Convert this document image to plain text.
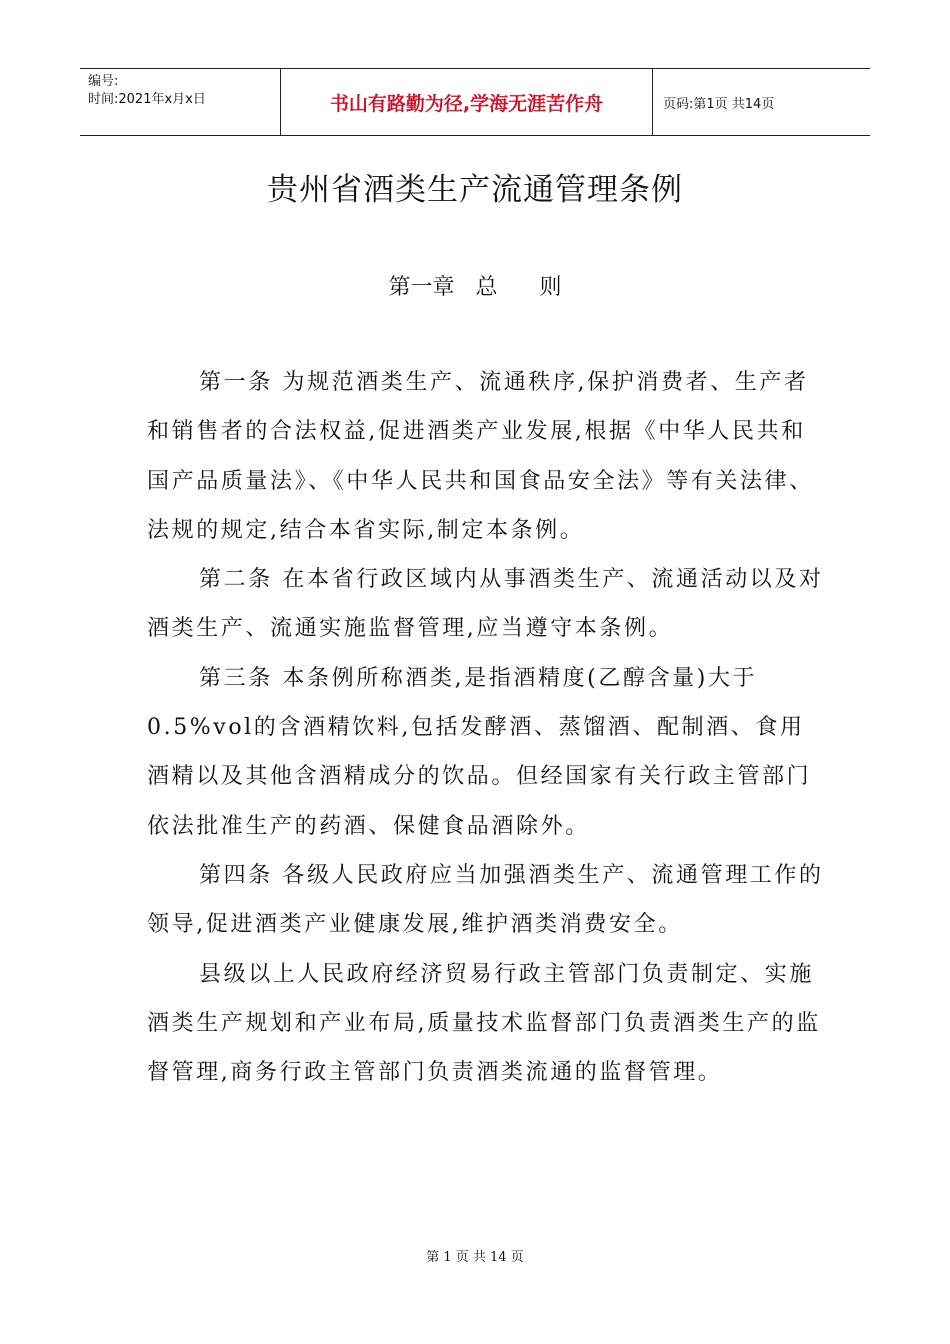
编号:
时间:2021年x月x日	书山有路勤为径,学海无涯苦作舟	页码:第1页 共14页
贵州省酒类生产流通管理条例
第一章   总      则

第一条 为规范酒类生产、流通秩序,保护消费者、生产者和销售者的合法权益,促进酒类产业发展,根据《中华人民共和国产品质量法》、《中华人民共和国食品安全法》等有关法律、法规的规定,结合本省实际,制定本条例。

第二条 在本省行政区域内从事酒类生产、流通活动以及对酒类生产、流通实施监督管理,应当遵守本条例。

第三条 本条例所称酒类,是指酒精度(乙醇含量)大于0.5%vol的含酒精饮料,包括发酵酒、蒸馏酒、配制酒、食用酒精以及其他含酒精成分的饮品。但经国家有关行政主管部门依法批准生产的药酒、保健食品酒除外。

第四条 各级人民政府应当加强酒类生产、流通管理工作的领导,促进酒类产业健康发展,维护酒类消费安全。

县级以上人民政府经济贸易行政主管部门负责制定、实施酒类生产规划和产业布局,质量技术监督部门负责酒类生产的监督管理,商务行政主管部门负责酒类流通的监督管理。

第 1 页 共 14 页
